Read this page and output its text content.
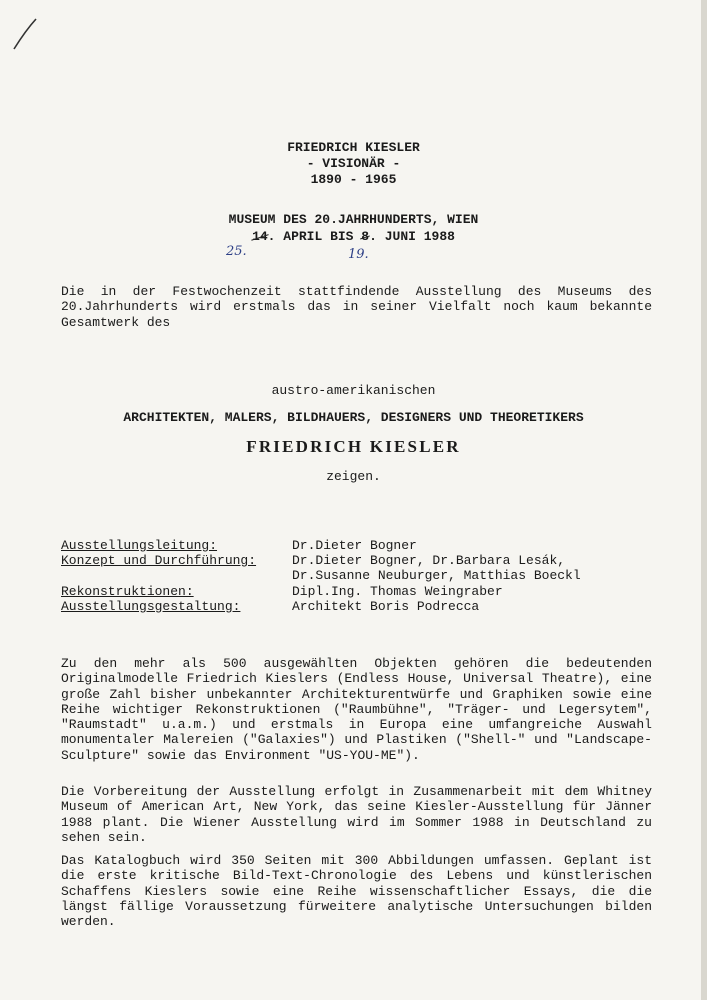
FRIEDRICH KIESLER
- VISIONÄR -
1890 - 1965
MUSEUM DES 20.JAHRHUNDERTS, WIEN
14. APRIL BIS 8. JUNI 1988
25.	19.
Die in der Festwochenzeit stattfindende Ausstellung des Museums des 20.Jahrhunderts wird erstmals das in seiner Vielfalt noch kaum bekannte Gesamtwerk des
austro-amerikanischen
ARCHITEKTEN, MALERS, BILDHAUERS, DESIGNERS UND THEORETIKERS
FRIEDRICH KIESLER
zeigen.
Ausstellungsleitung:	Dr.Dieter Bogner
Konzept und Durchführung:	Dr.Dieter Bogner, Dr.Barbara Lesák,
Dr.Susanne Neuburger, Matthias Boeckl
Rekonstruktionen:	Dipl.Ing. Thomas Weingraber
Ausstellungsgestaltung:	Architekt Boris Podrecca
Zu den mehr als 500 ausgewählten Objekten gehören die bedeutenden Originalmodelle Friedrich Kieslers (Endless House, Universal Theatre), eine große Zahl bisher unbekannter Architekturentwürfe und Graphiken sowie eine Reihe wichtiger Rekonstruktionen ("Raumbühne", "Träger- und Legersytem", "Raumstadt" u.a.m.) und erstmals in Europa eine umfangreiche Auswahl monumentaler Malereien ("Galaxies") und Plastiken ("Shell-" und "Landscape-Sculpture" sowie das Environment "US-YOU-ME").
Die Vorbereitung der Ausstellung erfolgt in Zusammenarbeit mit dem Whitney Museum of American Art, New York, das seine Kiesler-Ausstellung für Jänner 1988 plant. Die Wiener Ausstellung wird im Sommer 1988 in Deutschland zu sehen sein.
Das Katalogbuch wird 350 Seiten mit 300 Abbildungen umfassen. Geplant ist die erste kritische Bild-Text-Chronologie des Lebens und künstlerischen Schaffens Kieslers sowie eine Reihe wissenschaftlicher Essays, die die längst fällige Voraussetzung fürweitere analytische Untersuchungen bilden werden.
